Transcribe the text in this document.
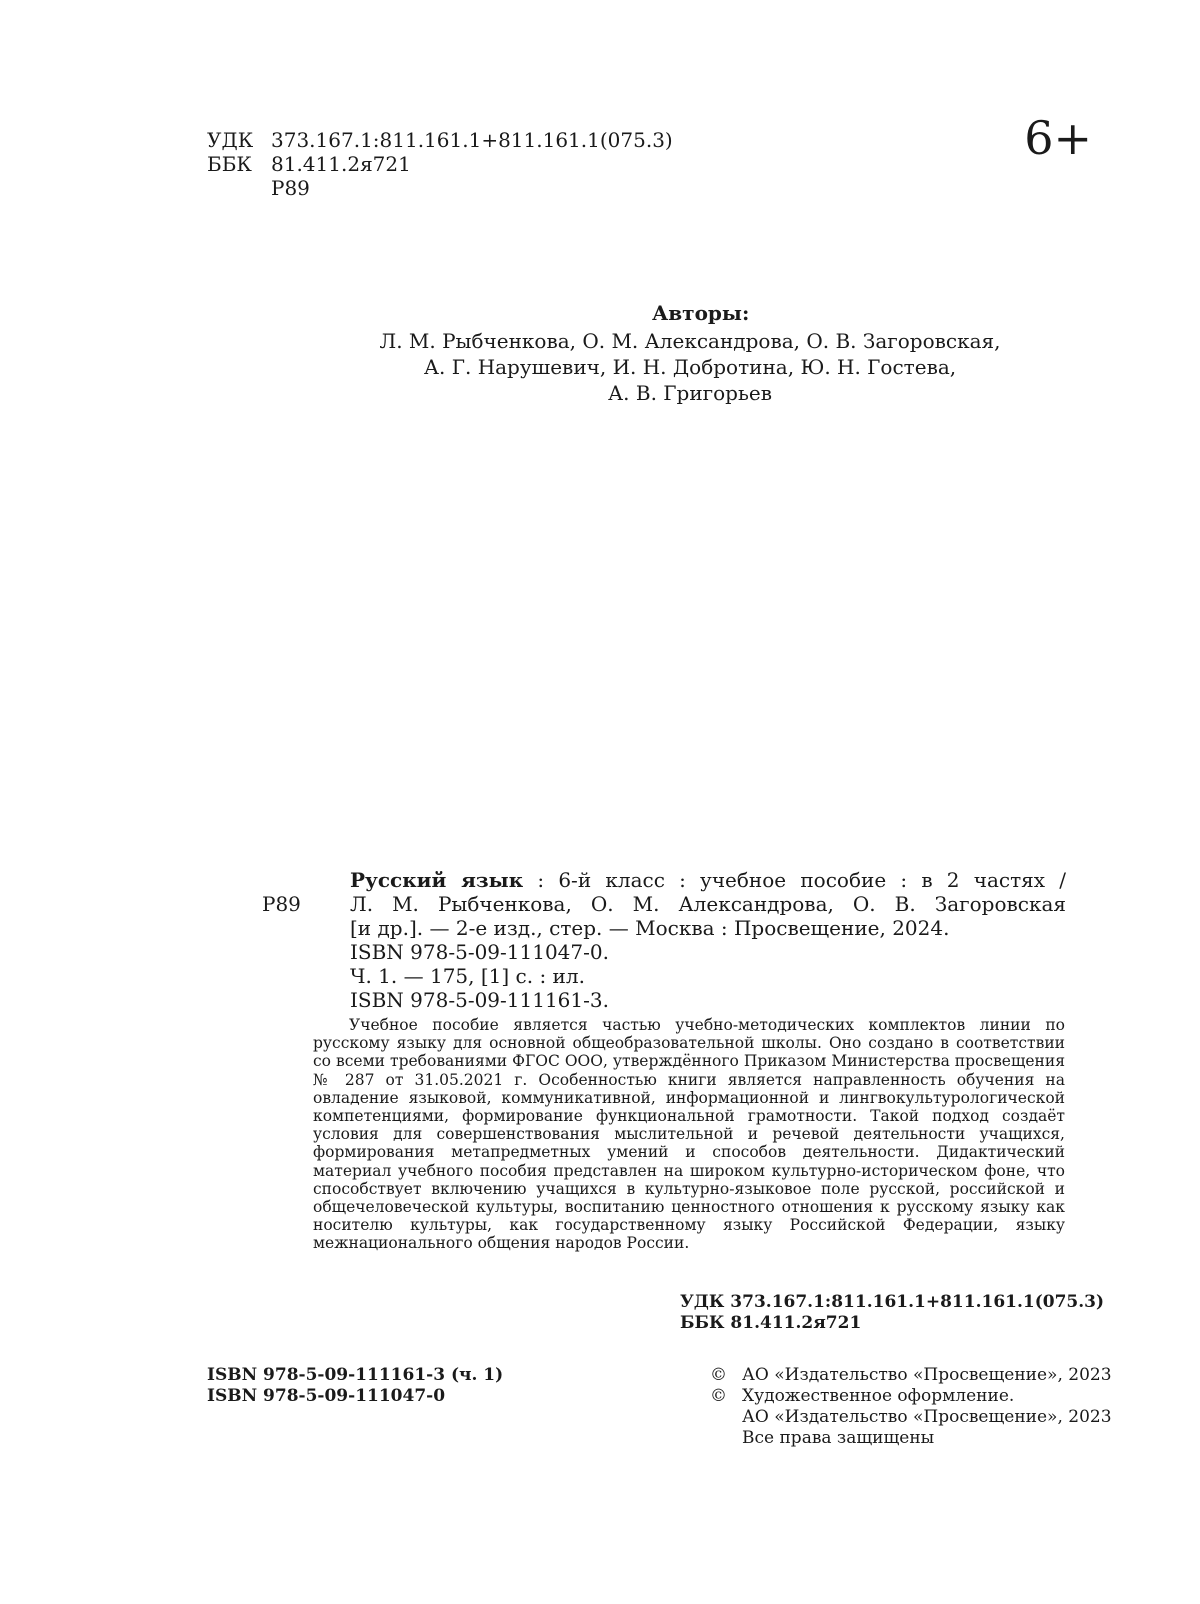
УДК 373.167.1:811.161.1+811.161.1(075.3)
ББК 81.411.2я721
Р89
6+
Авторы:
Л. М. Рыбченкова, О. М. Александрова, О. В. Загоровская,
А. Г. Нарушевич, И. Н. Добротина, Ю. Н. Гостева,
А. В. Григорьев
Р89
Русский язык : 6-й класс : учебное пособие : в 2 частях /
Л. М. Рыбченкова, О. М. Александрова, О. В. Загоровская
[и др.]. — 2-е изд., стер. — Москва : Просвещение, 2024.
ISBN 978-5-09-111047-0.
Ч. 1. — 175, [1] с. : ил.
ISBN 978-5-09-111161-3.
Учебное пособие является частью учебно-методических комплектов линии по русскому языку для основной общеобразовательной школы. Оно создано в соответствии со всеми требованиями ФГОС ООО, утверждённого Приказом Министерства просвещения № 287 от 31.05.2021 г. Особенностью книги является направленность обучения на овладение языковой, коммуникативной, информационной и лингвокультурологической компетенциями, формирование функциональной грамотности. Такой подход создаёт условия для совершенствования мыслительной и речевой деятельности учащихся, формирования метапредметных умений и способов деятельности. Дидактический материал учебного пособия представлен на широком культурно-историческом фоне, что способствует включению учащихся в культурно-языковое поле русской, российской и общечеловеческой культуры, воспитанию ценностного отношения к русскому языку как носителю культуры, как государственному языку Российской Федерации, языку межнационального общения народов России.
УДК 373.167.1:811.161.1+811.161.1(075.3)
ББК 81.411.2я721
ISBN 978-5-09-111161-3 (ч. 1)
ISBN 978-5-09-111047-0
© АО «Издательство «Просвещение», 2023
© Художественное оформление.
АО «Издательство «Просвещение», 2023
Все права защищены
